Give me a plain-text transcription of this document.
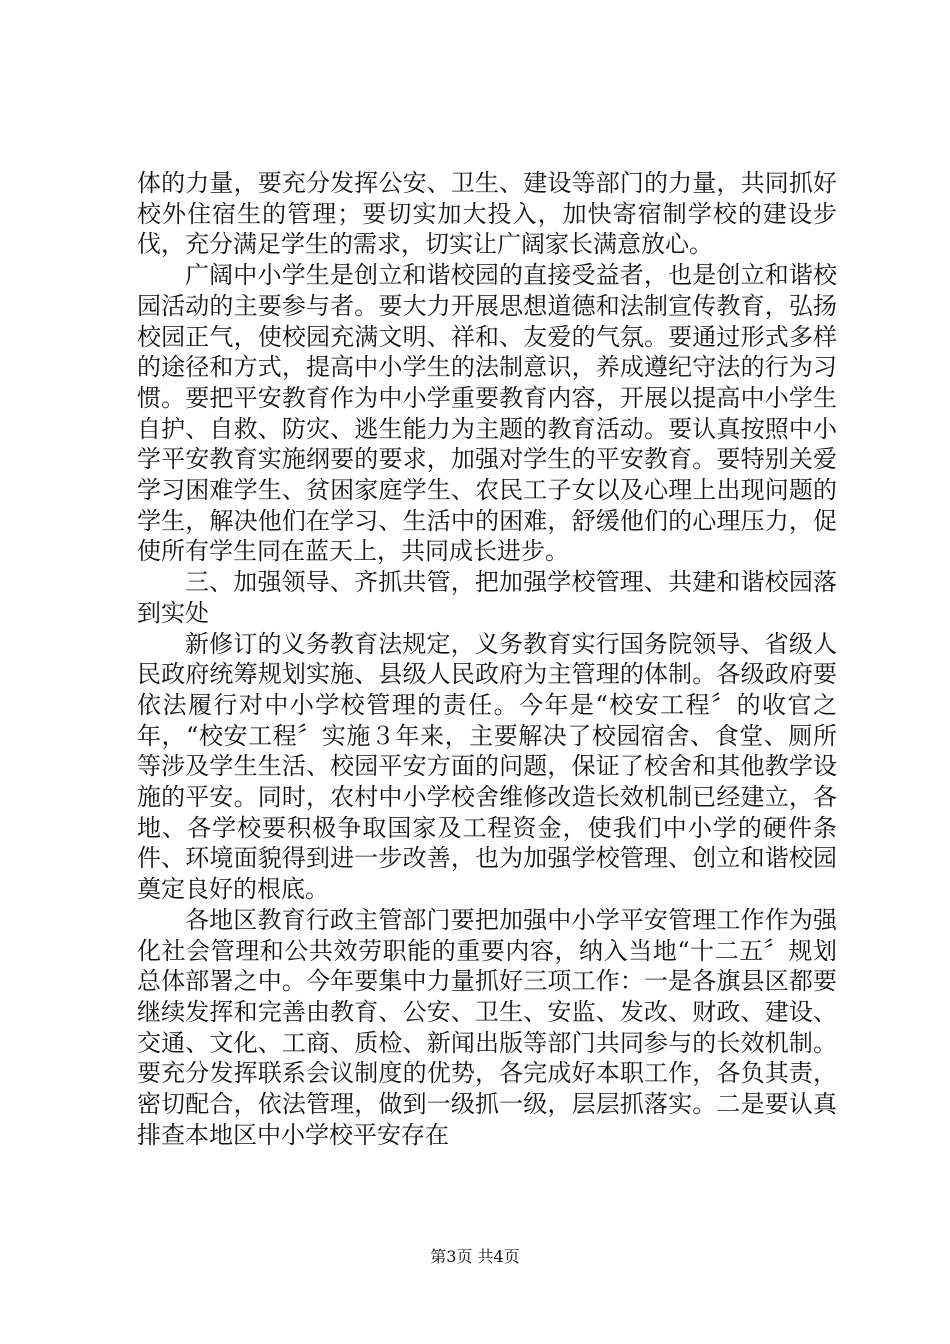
体的力量，要充分发挥公安、卫生、建设等部门的力量，共同抓好校外住宿生的管理；要切实加大投入，加快寄宿制学校的建设步伐，充分满足学生的需求，切实让广阔家长满意放心。

广阔中小学生是创立和谐校园的直接受益者，也是创立和谐校园活动的主要参与者。要大力开展思想道德和法制宣传教育，弘扬校园正气，使校园充满文明、祥和、友爱的气氛。要通过形式多样的途径和方式，提高中小学生的法制意识，养成遵纪守法的行为习惯。要把平安教育作为中小学重要教育内容，开展以提高中小学生自护、自救、防灾、逃生能力为主题的教育活动。要认真按照中小学平安教育实施纲要的要求，加强对学生的平安教育。要特别关爱学习困难学生、贫困家庭学生、农民工子女以及心理上出现问题的学生，解决他们在学习、生活中的困难，舒缓他们的心理压力，促使所有学生同在蓝天上，共同成长进步。

三、加强领导、齐抓共管，把加强学校管理、共建和谐校园落到实处

新修订的义务教育法规定，义务教育实行国务院领导、省级人民政府统筹规划实施、县级人民政府为主管理的体制。各级政府要依法履行对中小学校管理的责任。今年是“校安工程〞的收官之年，“校安工程〞实施３年来，主要解决了校园宿舍、食堂、厕所等涉及学生生活、校园平安方面的问题，保证了校舍和其他教学设施的平安。同时，农村中小学校舍维修改造长效机制已经建立，各地、各学校要积极争取国家及工程资金，使我们中小学的硬件条件、环境面貌得到进一步改善，也为加强学校管理、创立和谐校园奠定良好的根底。

各地区教育行政主管部门要把加强中小学平安管理工作作为强化社会管理和公共效劳职能的重要内容，纳入当地“十二五〞规划总体部署之中。今年要集中力量抓好三项工作：一是各旗县区都要继续发挥和完善由教育、公安、卫生、安监、发改、财政、建设、交通、文化、工商、质检、新闻出版等部门共同参与的长效机制。要充分发挥联系会议制度的优势，各完成好本职工作，各负其责，密切配合，依法管理，做到一级抓一级，层层抓落实。二是要认真排查本地区中小学校平安存在

第3页 共4页
